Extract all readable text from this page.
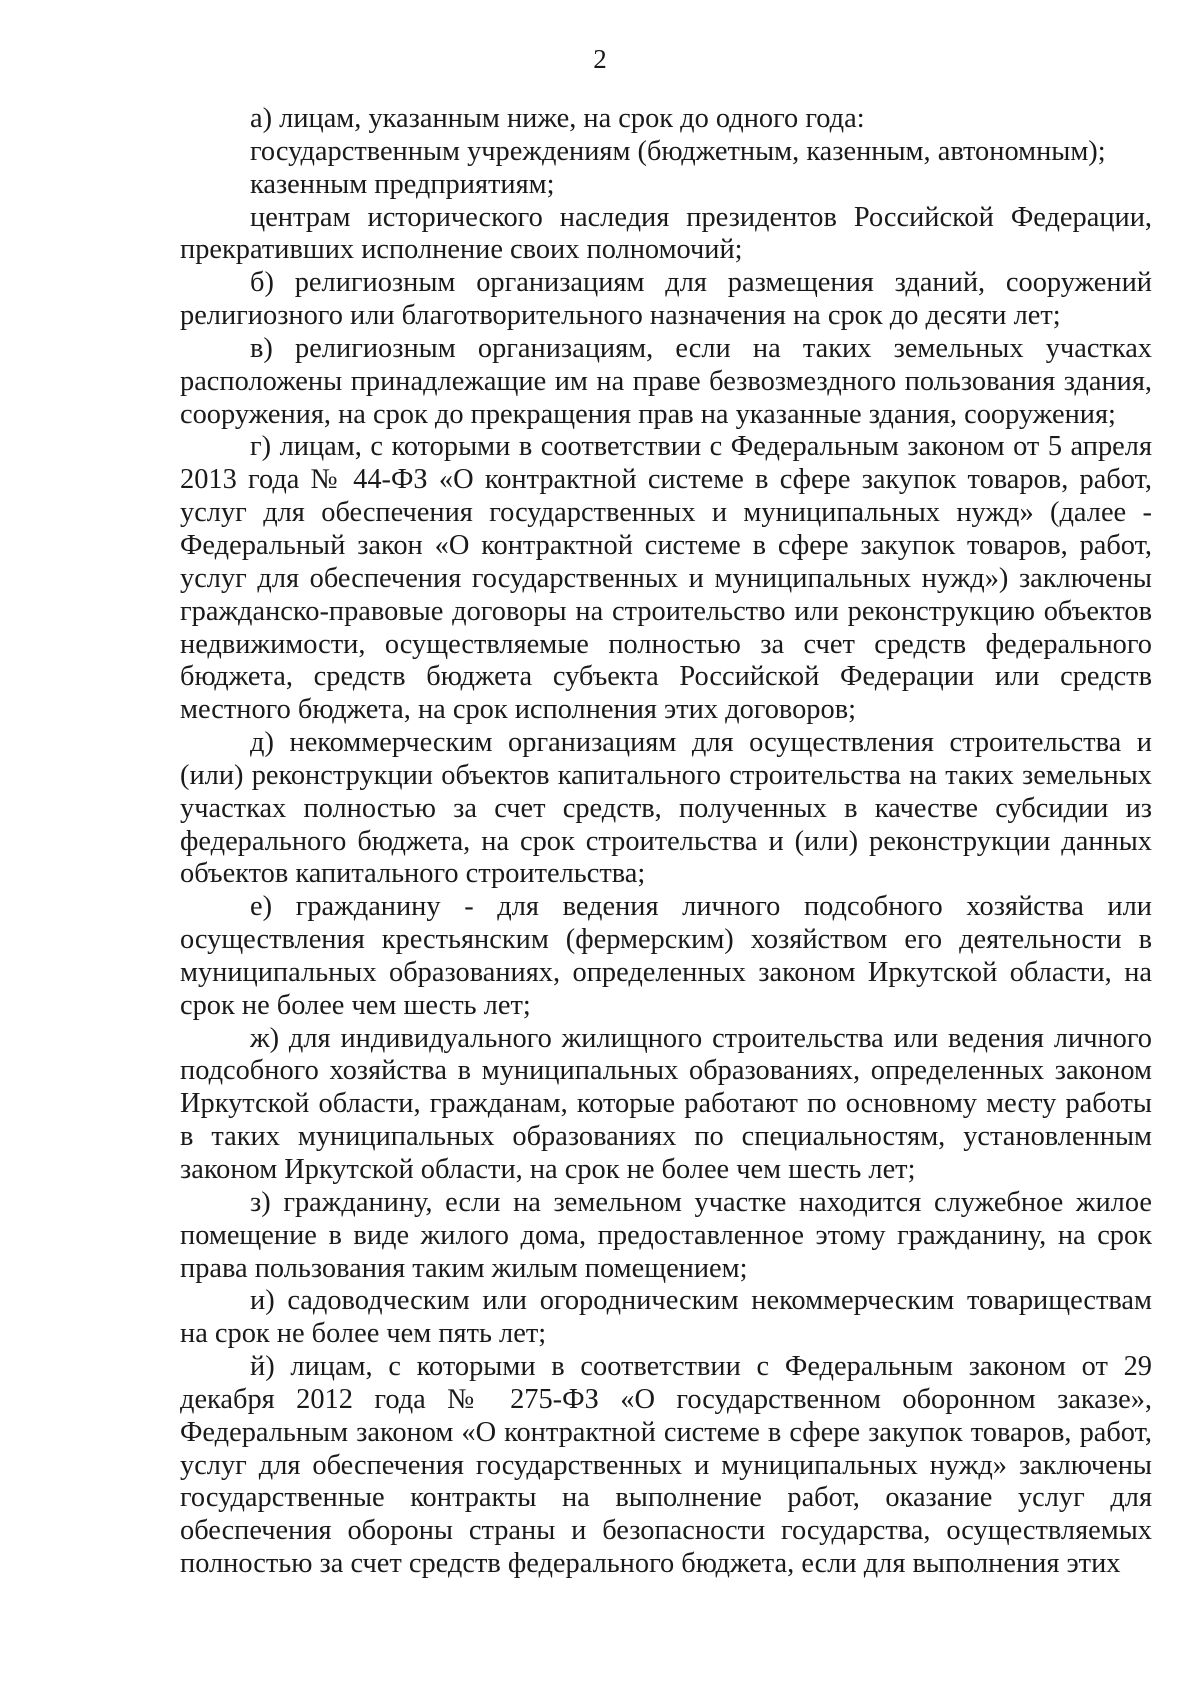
2

а) лицам, указанным ниже, на срок до одного года:

государственным учреждениям (бюджетным, казенным, автономным);

казенным предприятиям;

центрам исторического наследия президентов Российской Федерации, прекративших исполнение своих полномочий;

б) религиозным организациям для размещения зданий, сооружений религиозного или благотворительного назначения на срок до десяти лет;

в) религиозным организациям, если на таких земельных участках расположены принадлежащие им на праве безвозмездного пользования здания, сооружения, на срок до прекращения прав на указанные здания, сооружения;

г) лицам, с которыми в соответствии с Федеральным законом от 5 апреля 2013 года № 44-ФЗ «О контрактной системе в сфере закупок товаров, работ, услуг для обеспечения государственных и муниципальных нужд» (далее - Федеральный закон «О контрактной системе в сфере закупок товаров, работ, услуг для обеспечения государственных и муниципальных нужд») заключены гражданско-правовые договоры на строительство или реконструкцию объектов недвижимости, осуществляемые полностью за счет средств федерального бюджета, средств бюджета субъекта Российской Федерации или средств местного бюджета, на срок исполнения этих договоров;

д) некоммерческим организациям для осуществления строительства и (или) реконструкции объектов капитального строительства на таких земельных участках полностью за счет средств, полученных в качестве субсидии из федерального бюджета, на срок строительства и (или) реконструкции данных объектов капитального строительства;

е) гражданину - для ведения личного подсобного хозяйства или осуществления крестьянским (фермерским) хозяйством его деятельности в муниципальных образованиях, определенных законом Иркутской области, на срок не более чем шесть лет;

ж) для индивидуального жилищного строительства или ведения личного подсобного хозяйства в муниципальных образованиях, определенных законом Иркутской области, гражданам, которые работают по основному месту работы в таких муниципальных образованиях по специальностям, установленным законом Иркутской области, на срок не более чем шесть лет;

з) гражданину, если на земельном участке находится служебное жилое помещение в виде жилого дома, предоставленное этому гражданину, на срок права пользования таким жилым помещением;

и) садоводческим или огородническим некоммерческим товариществам на срок не более чем пять лет;

й) лицам, с которыми в соответствии с Федеральным законом от 29 декабря 2012 года № 275-ФЗ «О государственном оборонном заказе», Федеральным законом «О контрактной системе в сфере закупок товаров, работ, услуг для обеспечения государственных и муниципальных нужд» заключены государственные контракты на выполнение работ, оказание услуг для обеспечения обороны страны и безопасности государства, осуществляемых полностью за счет средств федерального бюджета, если для выполнения этих
